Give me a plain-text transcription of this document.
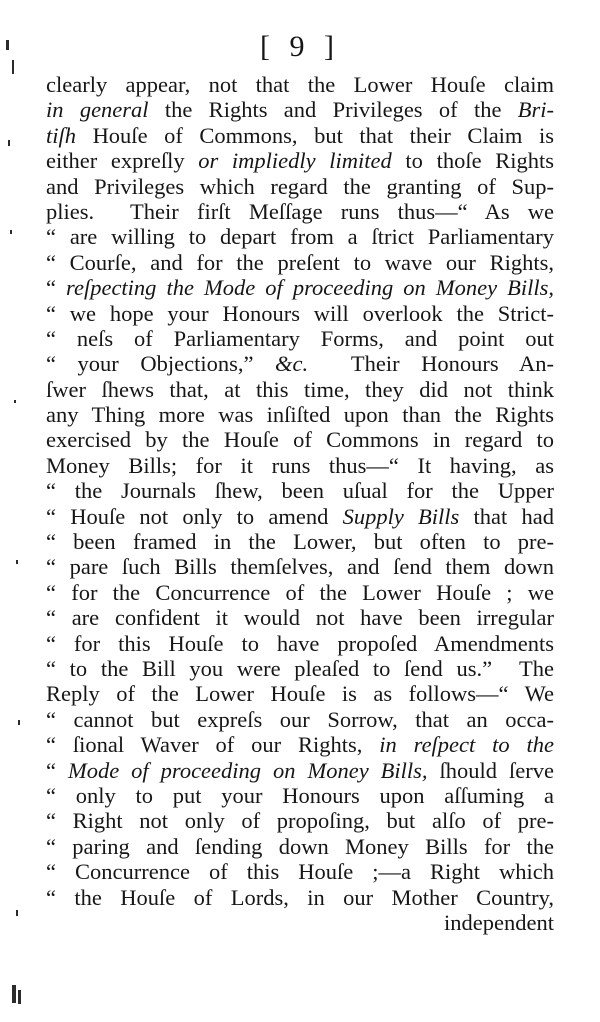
[ 9 ]
clearly appear, not that the Lower Houſe claim
in general the Rights and Privileges of the Bri-
tiſh Houſe of Commons, but that their Claim is
either expreſly or impliedly limited to thoſe Rights
and Privileges which regard the granting of Sup-
plies.  Their firſt Meſſage runs thus—“ As we
“ are willing to depart from a ſtrict Parliamentary
“ Courſe, and for the preſent to wave our Rights,
“ reſpecting the Mode of proceeding on Money Bills,
“ we hope your Honours will overlook the Strict-
“ neſs of Parliamentary Forms, and point out
“ your Objections,” &c.  Their Honours An-
ſwer ſhews that, at this time, they did not think
any Thing more was inſiſted upon than the Rights
exercised by the Houſe of Commons in regard to
Money Bills; for it runs thus—“ It having, as
“ the Journals ſhew, been uſual for the Upper
“ Houſe not only to amend Supply Bills that had
“ been framed in the Lower, but often to pre-
“ pare ſuch Bills themſelves, and ſend them down
“ for the Concurrence of the Lower Houſe ; we
“ are confident it would not have been irregular
“ for this Houſe to have propoſed Amendments
“ to the Bill you were pleaſed to ſend us.”  The
Reply of the Lower Houſe is as follows—“ We
“ cannot but expreſs our Sorrow, that an occa-
“ ſional Waver of our Rights, in reſpect to the
“ Mode of proceeding on Money Bills, ſhould ſerve
“ only to put your Honours upon aſſuming a
“ Right not only of propoſing, but alſo of pre-
“ paring and ſending down Money Bills for the
“ Concurrence of this Houſe ;—a Right which
“ the Houſe of Lords, in our Mother Country,
independent
